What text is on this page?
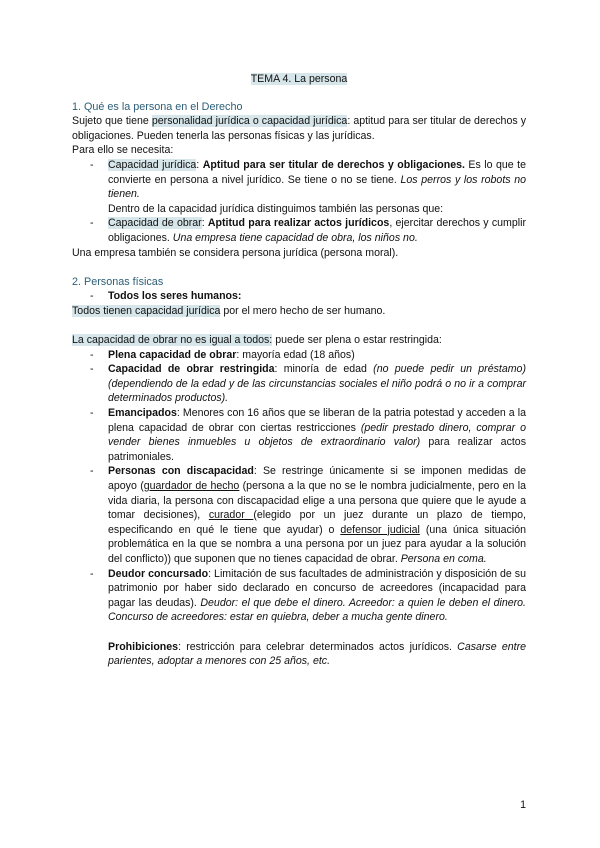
TEMA 4. La persona
1. Qué es la persona en el Derecho

Sujeto que tiene personalidad jurídica o capacidad jurídica: aptitud para ser titular de derechos y obligaciones. Pueden tenerla las personas físicas y las jurídicas.

Para ello se necesita:

- Capacidad jurídica: Aptitud para ser titular de derechos y obligaciones. Es lo que te convierte en persona a nivel jurídico. Se tiene o no se tiene. Los perros y los robots no tienen.
Dentro de la capacidad jurídica distinguimos también las personas que:
- Capacidad de obrar: Aptitud para realizar actos jurídicos, ejercitar derechos y cumplir obligaciones. Una empresa tiene capacidad de obra, los niños no.

Una empresa también se considera persona jurídica (persona moral).

2. Personas físicas
- Todos los seres humanos:

Todos tienen capacidad jurídica por el mero hecho de ser humano.

La capacidad de obrar no es igual a todos: puede ser plena o estar restringida:

- Plena capacidad de obrar: mayoría edad (18 años)
- Capacidad de obrar restringida: minoría de edad (no puede pedir un préstamo) (dependiendo de la edad y de las circunstancias sociales el niño podrá o no ir a comprar determinados productos).
- Emancipados: Menores con 16 años que se liberan de la patria potestad y acceden a la plena capacidad de obrar con ciertas restricciones (pedir prestado dinero, comprar o vender bienes inmuebles u objetos de extraordinario valor) para realizar actos patrimoniales.
- Personas con discapacidad: Se restringe únicamente si se imponen medidas de apoyo (guardador de hecho (persona a la que no se le nombra judicialmente, pero en la vida diaria, la persona con discapacidad elige a una persona que quiere que le ayude a tomar decisiones), curador (elegido por un juez durante un plazo de tiempo, especificando en qué le tiene que ayudar) o defensor judicial (una única situación problemática en la que se nombra a una persona por un juez para ayudar a la solución del conflicto)) que suponen que no tienes capacidad de obrar. Persona en coma.
- Deudor concursado: Limitación de sus facultades de administración y disposición de su patrimonio por haber sido declarado en concurso de acreedores (incapacidad para pagar las deudas). Deudor: el que debe el dinero. Acreedor: a quien le deben el dinero. Concurso de acreedores: estar en quiebra, deber a mucha gente dinero.

Prohibiciones: restricción para celebrar determinados actos jurídicos. Casarse entre parientes, adoptar a menores con 25 años, etc.

1
